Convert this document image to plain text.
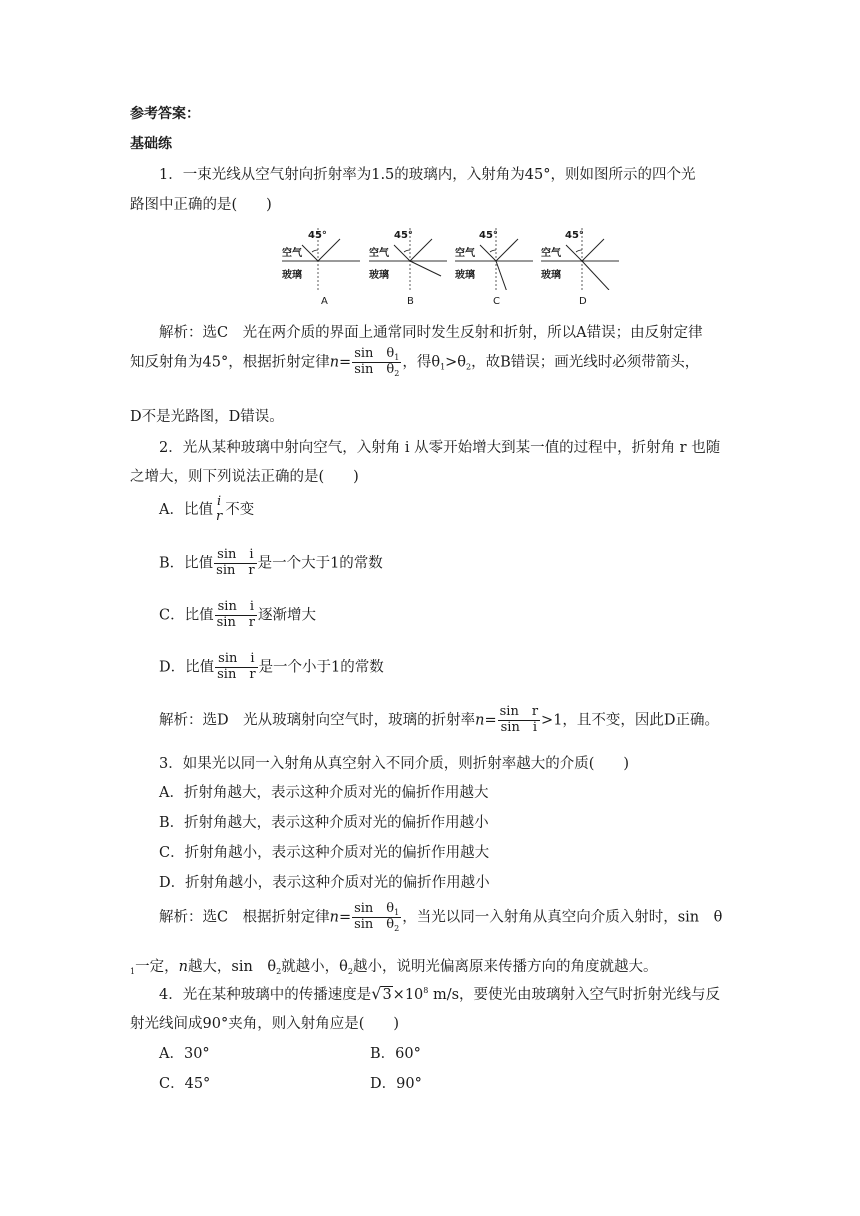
参考答案：
基础练
1．一束光线从空气射向折射率为1.5的玻璃内，入射角为45°，则如图所示的四个光
路图中正确的是(　　)
45°
空气
玻璃
A
45°
空气
玻璃
B
45°
空气
玻璃
C
45°
空气
玻璃
D
解析：选C　光在两介质的界面上通常同时发生反射和折射，所以A错误；由反射定律
知反射角为45°，根据折射定律$n= \frac{\sin \theta_1}{\sin \theta_2}$ ，得$\theta_1>\theta_2$，故B错误；画光线时必须带箭头，
D不是光路图，D错误。
2．光从某种玻璃中射向空气，入射角 i 从零开始增大到某一值的过程中，折射角 r 也随
之增大，则下列说法正确的是(　　)
A．比值
i
r 不变
B．比值 $\frac{\text{sin　i}}{\text{sin　r}}$ 是一个大于1的常数
C．比值 $\frac{\text{sin　i}}{\text{sin　r}}$ 逐渐增大
D．比值 $\frac{\text{sin　i}}{\text{sin　r}}$ 是一个小于1的常数
解析：选D　光从玻璃射向空气时，玻璃的折射率$n= \frac{\text{sin　r}}{\text{sin　i}} >1$，且不变，因此D正确。
3．如果光以同一入射角从真空射入不同介质，则折射率越大的介质(　　)
A．折射角越大，表示这种介质对光的偏折作用越大
B．折射角越大，表示这种介质对光的偏折作用越小
C．折射角越小，表示这种介质对光的偏折作用越大
D．折射角越小，表示这种介质对光的偏折作用越小
解析：选C　根据折射定律$n= \frac{\sin \theta_1}{\sin \theta_2}$ ，当光以同一入射角从真空向介质入射时，sin　θ
$_1$一定，n越大，sin　$\theta_2$就越小，$\theta_2$越小，说明光偏离原来传播方向的角度就越大。
4．光在某种玻璃中的传播速度是$√3\times 10^8$ m/s，要使光由玻璃射入空气时折射光线与反
射光线间成90°夹角，则入射角应是(　　)
A．30°	B．60°
C．45°	D．90°
